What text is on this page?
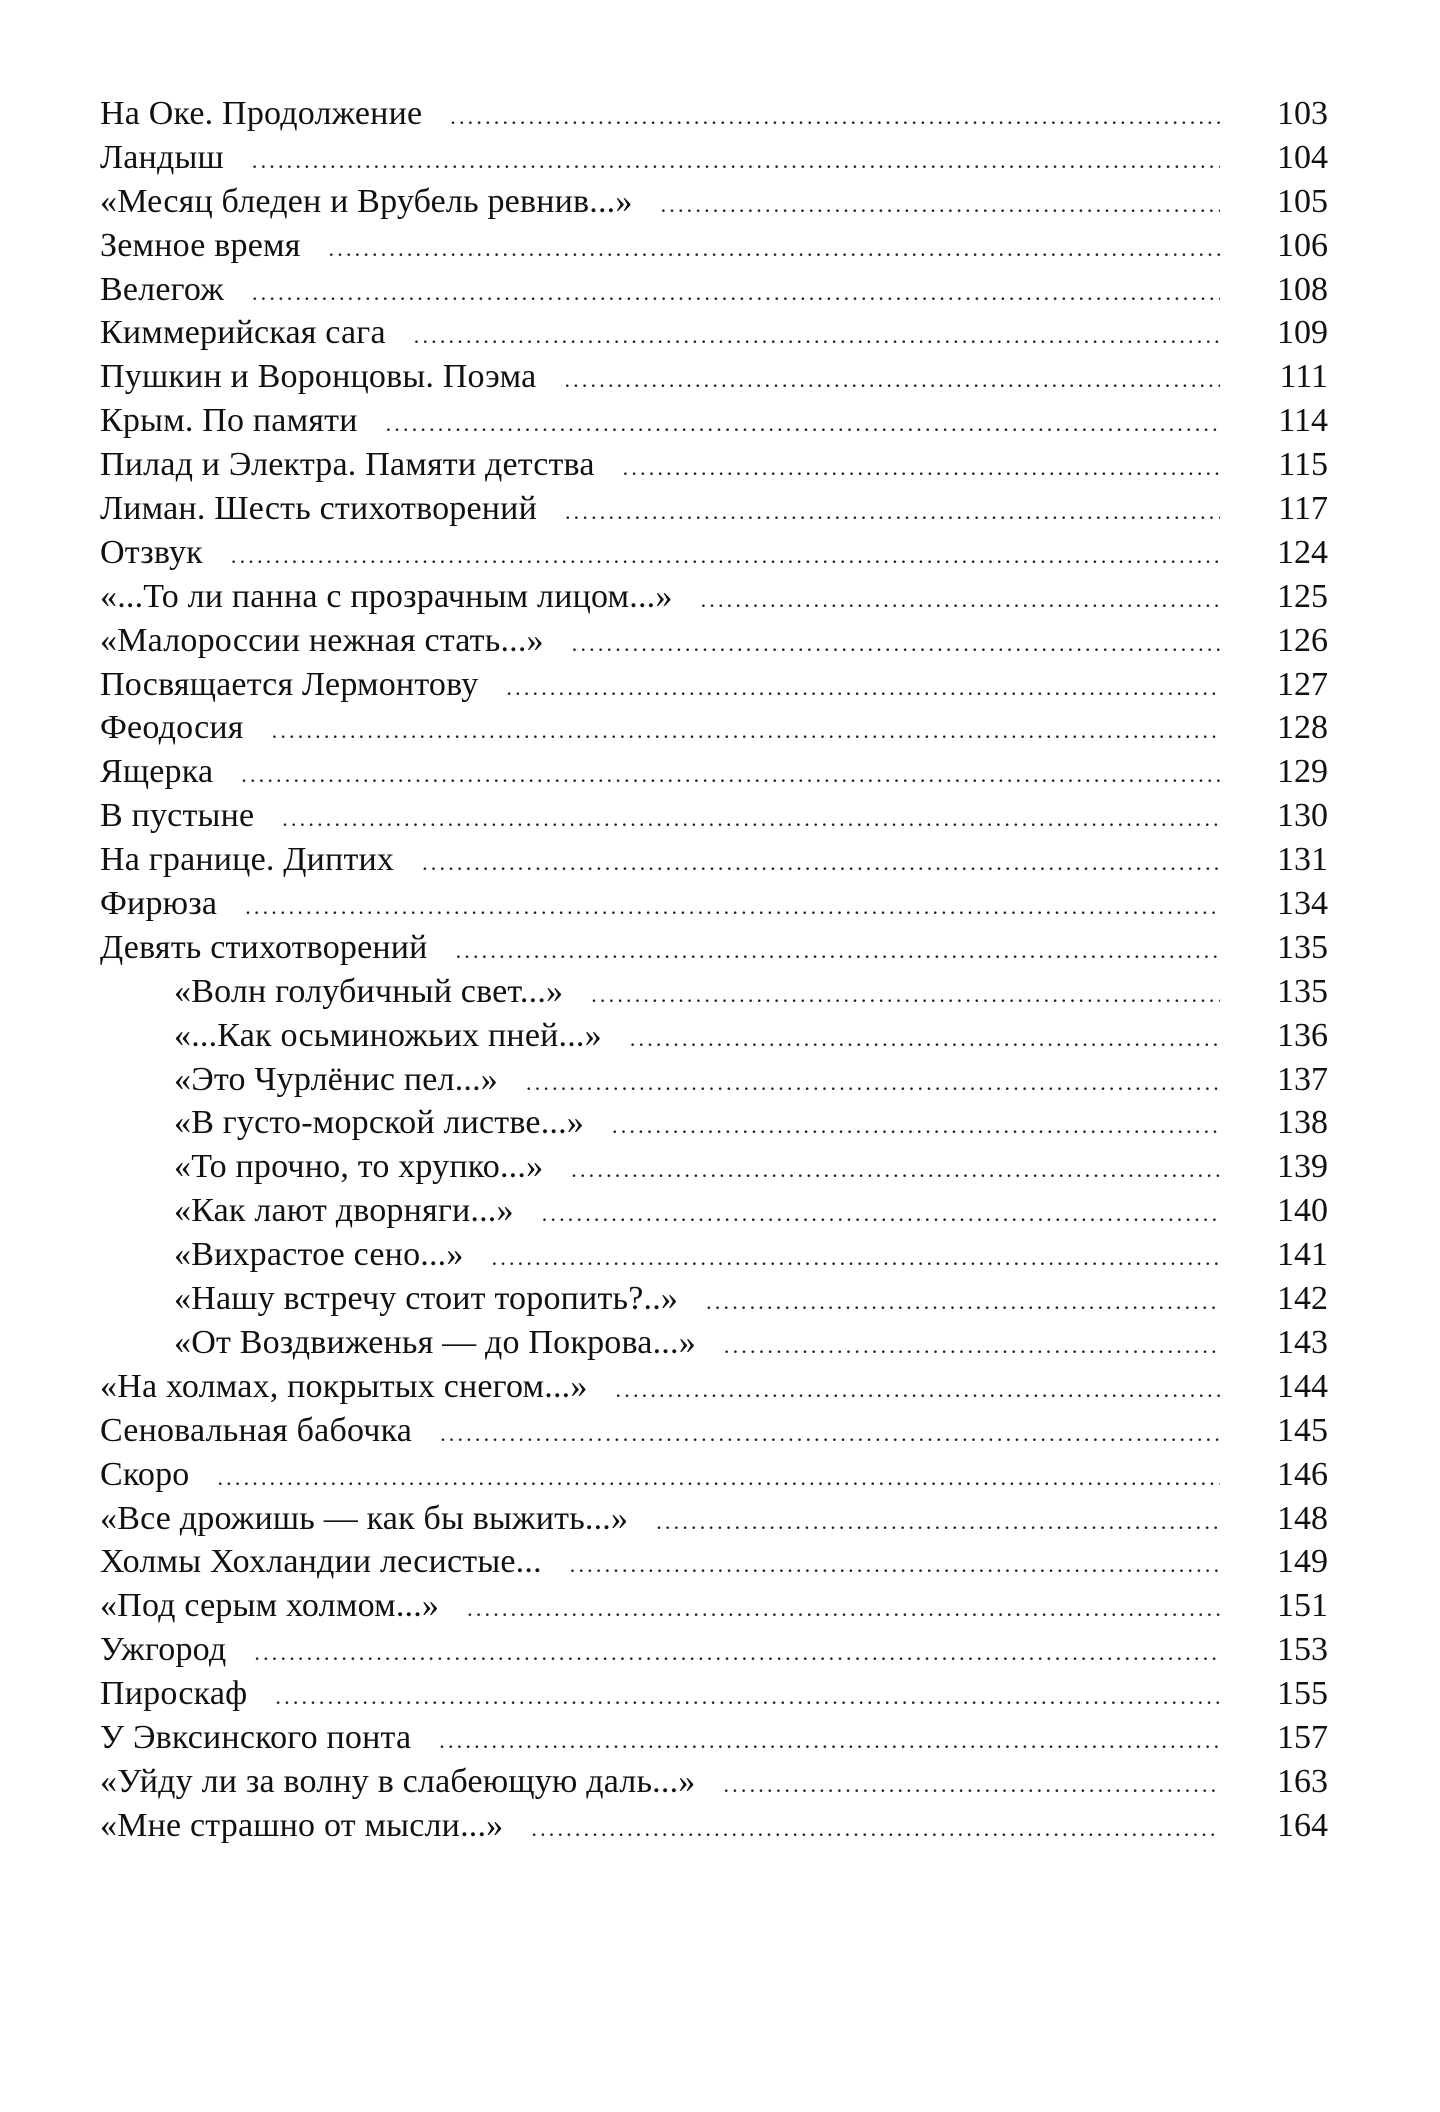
На Оке. Продолжение .....	103
Ландыш .....	104
«Месяц бледен и Врубель ревнив...» .....	105
Земное время .....	106
Велегож .....	108
Киммерийская сага .....	109
Пушкин и Воронцовы. Поэма .....	111
Крым. По памяти .....	114
Пилад и Электра. Памяти детства .....	115
Лиман. Шесть стихотворений .....	117
Отзвук .....	124
«...То ли панна с прозрачным лицом...» .....	125
«Малороссии нежная стать...» .....	126
Посвящается Лермонтову .....	127
Феодосия .....	128
Ящерка .....	129
В пустыне .....	130
На границе. Диптих .....	131
Фирюза .....	134
Девять стихотворений .....	135
«Волн голубичный свет...» .....	135
«...Как осьминожьих пней...» .....	136
«Это Чурлёнис пел...» .....	137
«В густо-морской листве...» .....	138
«То прочно, то хрупко...» .....	139
«Как лают дворняги...» .....	140
«Вихрастое сено...» .....	141
«Нашу встречу стоит торопить?..» .....	142
«От Воздвиженья — до Покрова...» .....	143
«На холмах, покрытых снегом...» .....	144
Сеновальная бабочка .....	145
Скоро .....	146
«Все дрожишь — как бы выжить...» .....	148
Холмы Хохландии лесистые... .....	149
«Под серым холмом...» .....	151
Ужгород .....	153
Пироскаф .....	155
У Эвксинского понта .....	157
«Уйду ли за волну в слабеющую даль...» .....	163
«Мне страшно от мысли...» .....	164
